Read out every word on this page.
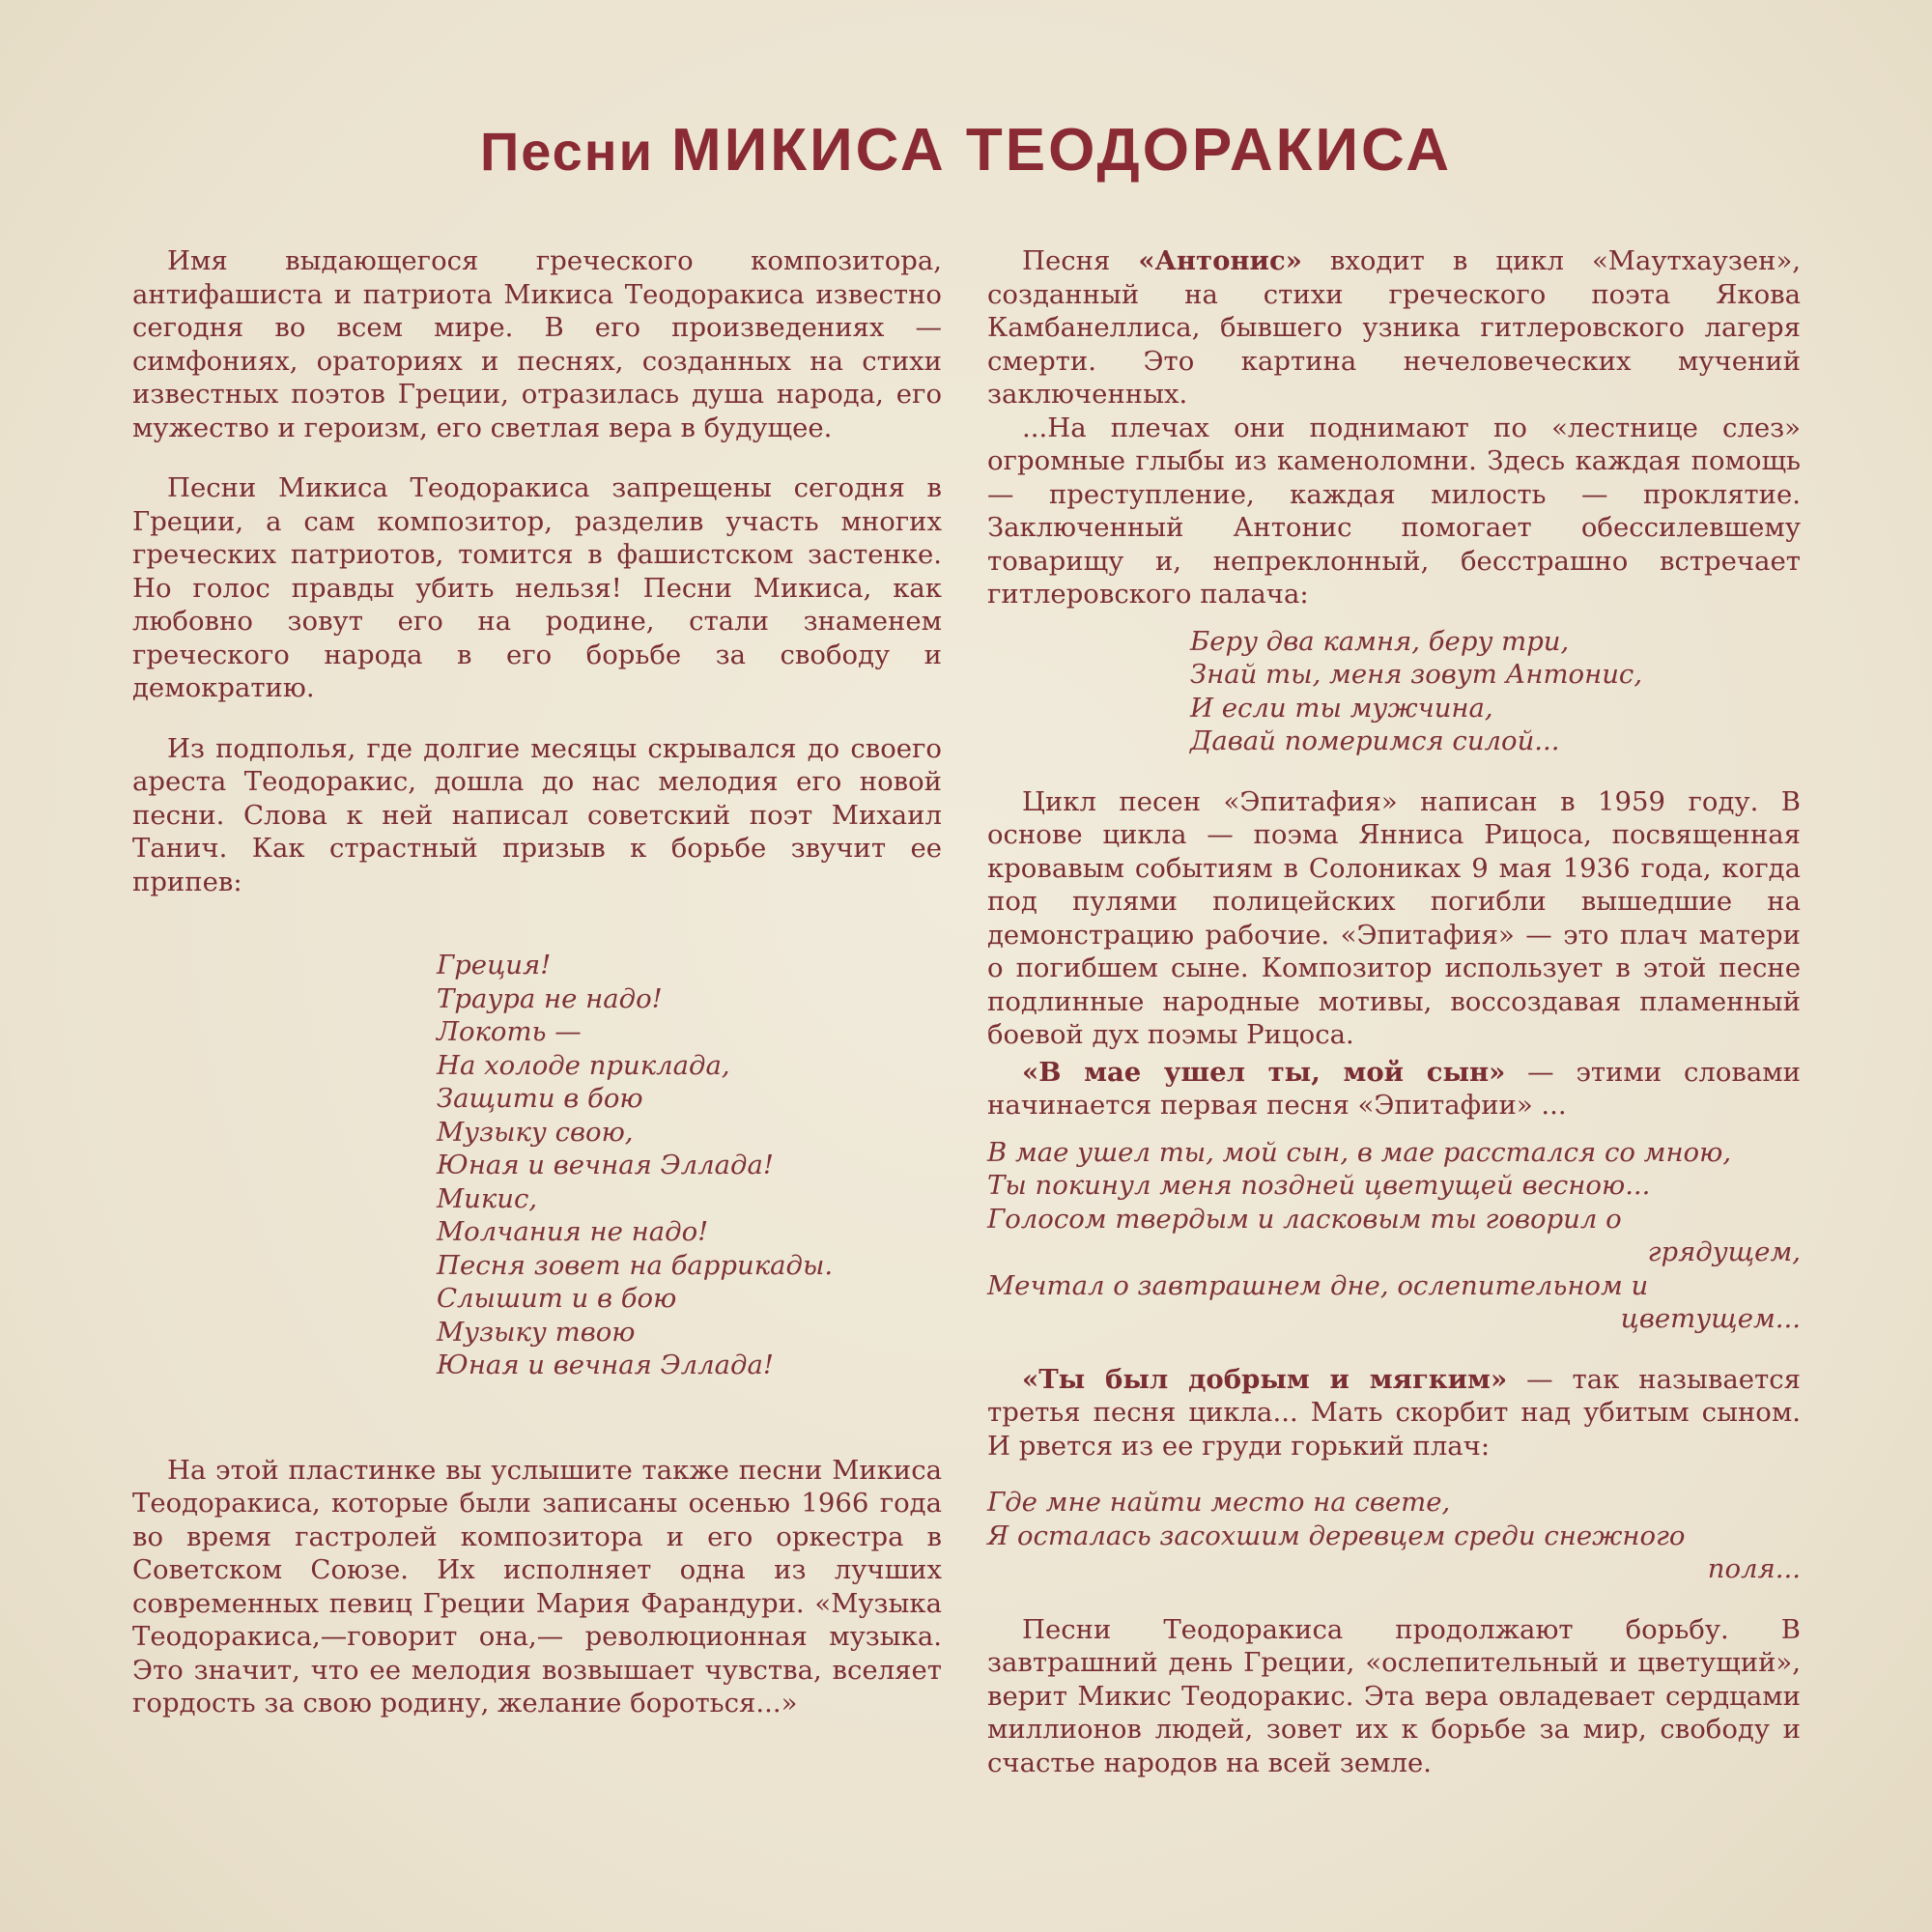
Песни МИКИСА ТЕОДОРАКИСА

Имя выдающегося греческого композитора, антифашиста и патриота Микиса Теодоракиса известно сегодня во всем мире. В его произведениях — симфониях, ораториях и песнях, созданных на стихи известных поэтов Греции, отразилась душа народа, его мужество и героизм, его светлая вера в будущее.

Песни Микиса Теодоракиса запрещены сегодня в Греции, а сам композитор, разделив участь многих греческих патриотов, томится в фашистском застенке. Но голос правды убить нельзя! Песни Микиса, как любовно зовут его на родине, стали знаменем греческого народа в его борьбе за свободу и демократию.

Из подполья, где долгие месяцы скрывался до своего ареста Теодоракис, дошла до нас мелодия его новой песни. Слова к ней написал советский поэт Михаил Танич. Как страстный призыв к борьбе звучит ее припев:

Греция!
Траура не надо!
Локоть —
На холоде приклада,
Защити в бою
Музыку свою,
Юная и вечная Эллада!
Микис,
Молчания не надо!
Песня зовет на баррикады.
Слышит и в бою
Музыку твою
Юная и вечная Эллада!

На этой пластинке вы услышите также песни Микиса Теодоракиса, которые были записаны осенью 1966 года во время гастролей композитора и его оркестра в Советском Союзе. Их исполняет одна из лучших современных певиц Греции Мария Фарандури. «Музыка Теодоракиса,—говорит она,— революционная музыка. Это значит, что ее мелодия возвышает чувства, вселяет гордость за свою родину, желание бороться...»

Песня «Антонис» входит в цикл «Маутхаузен», созданный на стихи греческого поэта Якова Камбанеллиса, бывшего узника гитлеровского лагеря смерти. Это картина нечеловеческих мучений заключенных.

...На плечах они поднимают по «лестнице слез» огромные глыбы из каменоломни. Здесь каждая помощь — преступление, каждая милость — проклятие. Заключенный Антонис помогает обессилевшему товарищу и, непреклонный, бесстрашно встречает гитлеровского палача:

Беру два камня, беру три,
Знай ты, меня зовут Антонис,
И если ты мужчина,
Давай померимся силой...

Цикл песен «Эпитафия» написан в 1959 году. В основе цикла — поэма Янниса Рицоса, посвященная кровавым событиям в Солониках 9 мая 1936 года, когда под пулями полицейских погибли вышедшие на демонстрацию рабочие. «Эпитафия» — это плач матери о погибшем сыне. Композитор использует в этой песне подлинные народные мотивы, воссоздавая пламенный боевой дух поэмы Рицоса.

«В мае ушел ты, мой сын» — этими словами начинается первая песня «Эпитафии» ...

В мае ушел ты, мой сын, в мае расстался со мною,
Ты покинул меня поздней цветущей весною...
Голосом твердым и ласковым ты говорил о
грядущем,
Мечтал о завтрашнем дне, ослепительном и
цветущем...

«Ты был добрым и мягким» — так называется третья песня цикла... Мать скорбит над убитым сыном. И рвется из ее груди горький плач:

Где мне найти место на свете,
Я осталась засохшим деревцем среди снежного
поля...

Песни Теодоракиса продолжают борьбу. В завтрашний день Греции, «ослепительный и цветущий», верит Микис Теодоракис. Эта вера овладевает сердцами миллионов людей, зовет их к борьбе за мир, свободу и счастье народов на всей земле.
